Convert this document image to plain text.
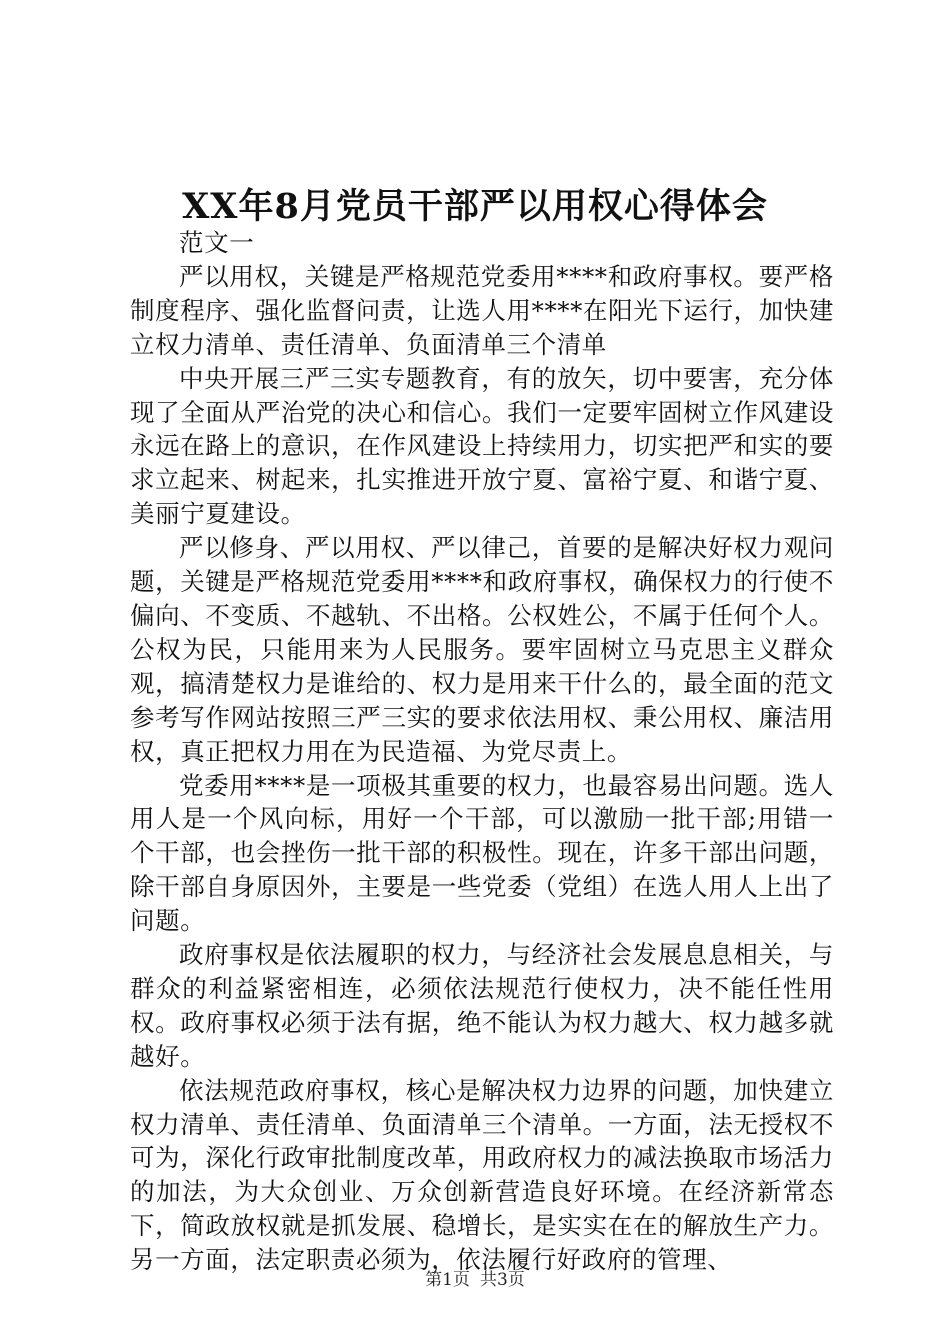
XX年8月党员干部严以用权心得体会

范文一

严以用权，关键是严格规范党委用****和政府事权。要严格制度程序、强化监督问责，让选人用****在阳光下运行，加快建立权力清单、责任清单、负面清单三个清单

中央开展三严三实专题教育，有的放矢，切中要害，充分体现了全面从严治党的决心和信心。我们一定要牢固树立作风建设永远在路上的意识，在作风建设上持续用力，切实把严和实的要求立起来、树起来，扎实推进开放宁夏、富裕宁夏、和谐宁夏、美丽宁夏建设。

严以修身、严以用权、严以律己，首要的是解决好权力观问题，关键是严格规范党委用****和政府事权，确保权力的行使不偏向、不变质、不越轨、不出格。公权姓公，不属于任何个人。公权为民，只能用来为人民服务。要牢固树立马克思主义群众观，搞清楚权力是谁给的、权力是用来干什么的，最全面的范文参考写作网站按照三严三实的要求依法用权、秉公用权、廉洁用权，真正把权力用在为民造福、为党尽责上。

党委用****是一项极其重要的权力，也最容易出问题。选人用人是一个风向标，用好一个干部，可以激励一批干部;用错一个干部，也会挫伤一批干部的积极性。现在，许多干部出问题，除干部自身原因外，主要是一些党委（党组）在选人用人上出了问题。

政府事权是依法履职的权力，与经济社会发展息息相关，与群众的利益紧密相连，必须依法规范行使权力，决不能任性用权。政府事权必须于法有据，绝不能认为权力越大、权力越多就越好。

依法规范政府事权，核心是解决权力边界的问题，加快建立权力清单、责任清单、负面清单三个清单。一方面，法无授权不可为，深化行政审批制度改革，用政府权力的减法换取市场活力的加法，为大众创业、万众创新营造良好环境。在经济新常态下，简政放权就是抓发展、稳增长，是实实在在的解放生产力。另一方面，法定职责必须为，依法履行好政府的管理、

第1页 共3页
